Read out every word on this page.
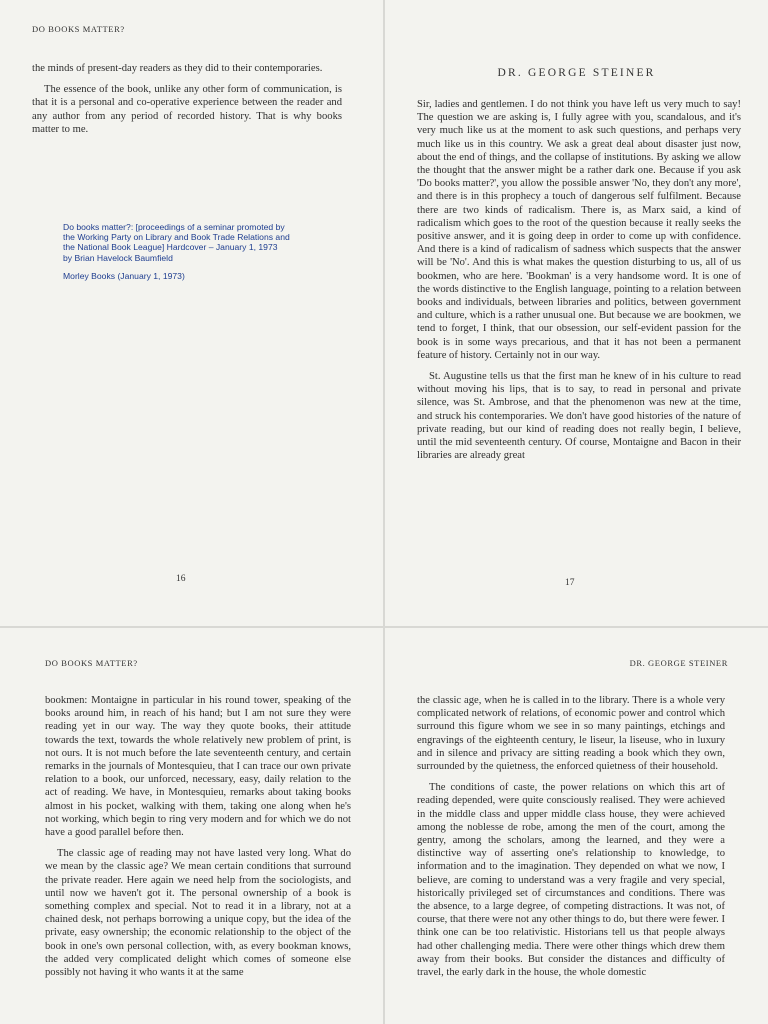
DO BOOKS MATTER?

the minds of present-day readers as they did to their contemporaries.

The essence of the book, unlike any other form of communication, is that it is a personal and co-operative experience between the reader and any author from any period of recorded history. That is why books matter to me.

16
Do books matter?: [proceedings of a seminar promoted by
the Working Party on Library and Book Trade Relations and
the National Book League] Hardcover – January 1, 1973
by Brian Havelock Baumfield
Morley Books (January 1, 1973)
DR. GEORGE STEINER

Sir, ladies and gentlemen. I do not think you have left us very much to say! The question we are asking is, I fully agree with you, scandalous, and it's very much like us at the moment to ask such questions, and perhaps very much like us in this country. We ask a great deal about disaster just now, about the end of things, and the collapse of institutions. By asking we allow the thought that the answer might be a rather dark one. Because if you ask 'Do books matter?', you allow the possible answer 'No, they don't any more', and there is in this prophecy a touch of dangerous self fulfilment. Because there are two kinds of radicalism. There is, as Marx said, a kind of radicalism which goes to the root of the question because it really seeks the positive answer, and it is going deep in order to come up with confidence. And there is a kind of radicalism of sadness which suspects that the answer will be 'No'. And this is what makes the question disturbing to us, all of us bookmen, who are here. 'Bookman' is a very handsome word. It is one of the words distinctive to the English language, pointing to a relation between books and individuals, between libraries and politics, between government and culture, which is a rather unusual one. But because we are bookmen, we tend to forget, I think, that our obsession, our self-evident passion for the book is in some ways precarious, and that it has not been a permanent feature of history. Certainly not in our way.

St. Augustine tells us that the first man he knew of in his culture to read without moving his lips, that is to say, to read in personal and private silence, was St. Ambrose, and that the phenomenon was new at the time, and struck his contemporaries. We don't have good histories of the nature of private reading, but our kind of reading does not really begin, I believe, until the mid seventeenth century. Of course, Montaigne and Bacon in their libraries are already great

17
DO BOOKS MATTER?

bookmen: Montaigne in particular in his round tower, speaking of the books around him, in reach of his hand; but I am not sure they were reading yet in our way. The way they quote books, their attitude towards the text, towards the whole relatively new problem of print, is not ours. It is not much before the late seventeenth century, and certain remarks in the journals of Montesquieu, that I can trace our own private relation to a book, our unforced, necessary, easy, daily relation to the act of reading. We have, in Montesquieu, remarks about taking books almost in his pocket, walking with them, taking one along when he's not working, which begin to ring very modern and for which we do not have a good parallel before then.

The classic age of reading may not have lasted very long. What do we mean by the classic age? We mean certain conditions that surround the private reader. Here again we need help from the sociologists, and until now we haven't got it. The personal ownership of a book is something complex and special. Not to read it in a library, not at a chained desk, not perhaps borrowing a unique copy, but the idea of the private, easy ownership; the economic relationship to the object of the book in one's own personal collection, with, as every bookman knows, the added very complicated delight which comes of someone else possibly not having it who wants it at the same

DR. GEORGE STEINER

the classic age, when he is called in to the library. There is a whole very complicated network of relations, of economic power and control which surround this figure whom we see in so many paintings, etchings and engravings of the eighteenth century, le liseur, la liseuse, who in luxury and in silence and privacy are sitting reading a book which they own, surrounded by the quietness, the enforced quietness of their household.

The conditions of caste, the power relations on which this art of reading depended, were quite consciously realised. They were achieved in the middle class and upper middle class house, they were achieved among the noblesse de robe, among the men of the court, among the gentry, among the scholars, among the learned, and they were a distinctive way of asserting one's relationship to knowledge, to information and to the imagination. They depended on what we now, I believe, are coming to understand was a very fragile and very special, historically privileged set of circumstances and conditions. There was the absence, to a large degree, of competing distractions. It was not, of course, that there were not any other things to do, but there were fewer. I think one can be too relativistic. Historians tell us that people always had other challenging media. There were other things which drew them away from their books. But consider the distances and difficulty of travel, the early dark in the house, the whole domestic
